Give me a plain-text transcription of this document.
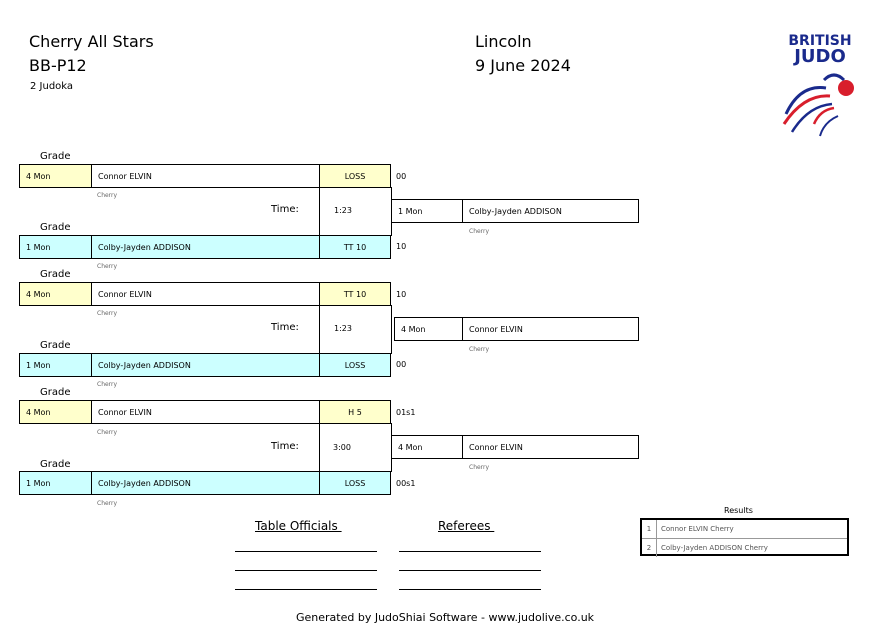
Cherry All Stars
BB-P12
2 Judoka
Lincoln
9 June 2024
BRITISH
JUDO
Grade
4 Mon	Connor ELVIN	LOSS	00
Cherry
Time:	1:23	1 Mon	Colby-Jayden ADDISON
Cherry
Grade
1 Mon	Colby-Jayden ADDISON	TT 10	10
Cherry
Grade
4 Mon	Connor ELVIN	TT 10	10
Cherry
Time:	1:23	4 Mon	Connor ELVIN
Cherry
Grade
1 Mon	Colby-Jayden ADDISON	LOSS	00
Cherry
Grade
4 Mon	Connor ELVIN	H 5	01s1
Cherry
Time:	3:00	4 Mon	Connor ELVIN
Cherry
Grade
1 Mon	Colby-Jayden ADDISON	LOSS	00s1
Cherry
Table Officials	Referees
Results
1	Connor ELVIN Cherry
2	Colby-Jayden ADDISON Cherry
Generated by JudoShiai Software - www.judolive.co.uk
